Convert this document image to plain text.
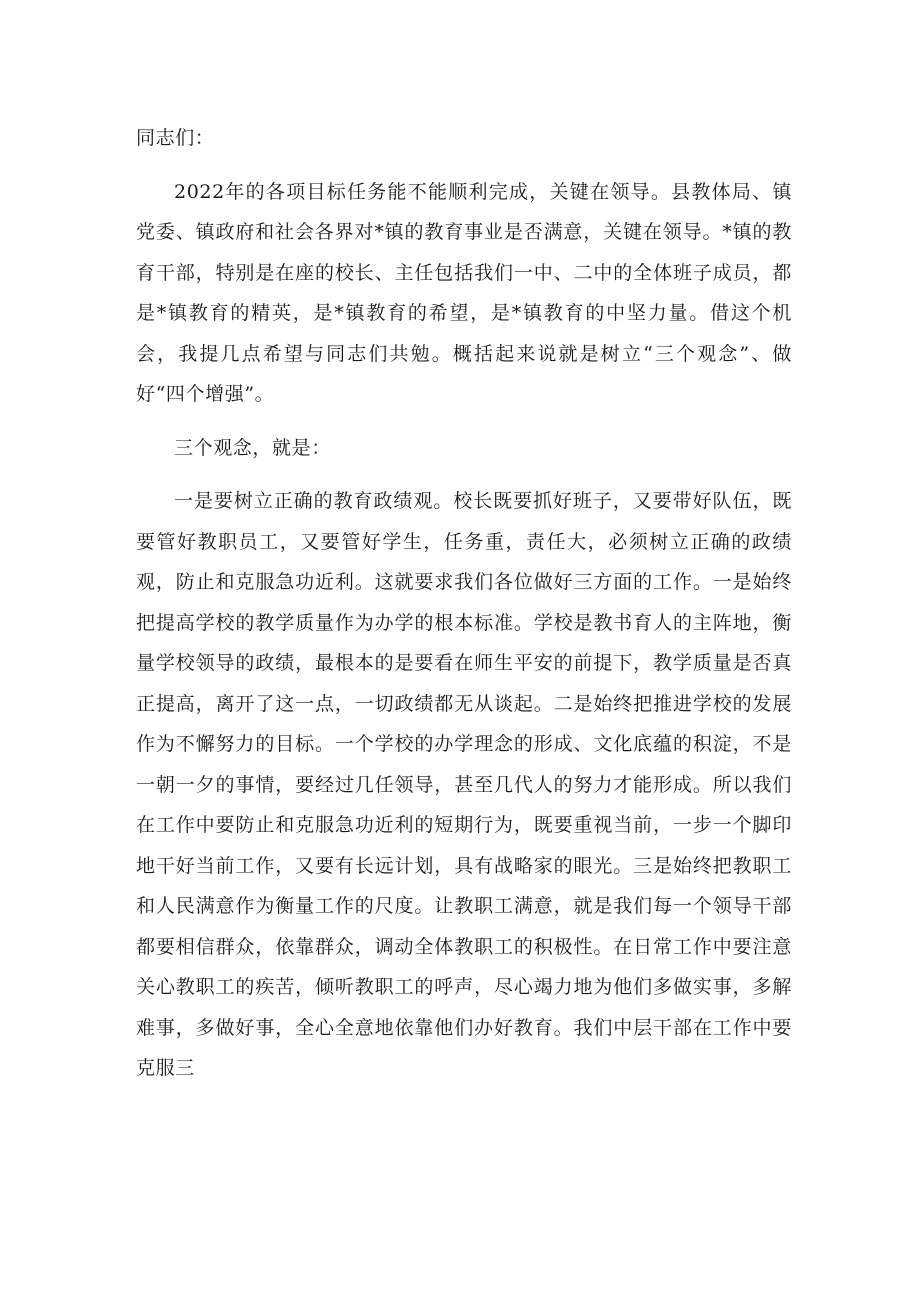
同志们：

2022年的各项目标任务能不能顺利完成，关键在领导。县教体局、镇党委、镇政府和社会各界对*镇的教育事业是否满意，关键在领导。*镇的教育干部，特别是在座的校长、主任包括我们一中、二中的全体班子成员，都是*镇教育的精英，是*镇教育的希望，是*镇教育的中坚力量。借这个机会，我提几点希望与同志们共勉。概括起来说就是树立“三个观念”、做好“四个增强”。

三个观念，就是：

一是要树立正确的教育政绩观。校长既要抓好班子，又要带好队伍，既要管好教职员工，又要管好学生，任务重，责任大，必须树立正确的政绩观，防止和克服急功近利。这就要求我们各位做好三方面的工作。一是始终把提高学校的教学质量作为办学的根本标准。学校是教书育人的主阵地，衡量学校领导的政绩，最根本的是要看在师生平安的前提下，教学质量是否真正提高，离开了这一点，一切政绩都无从谈起。二是始终把推进学校的发展作为不懈努力的目标。一个学校的办学理念的形成、文化底蕴的积淀，不是一朝一夕的事情，要经过几任领导，甚至几代人的努力才能形成。所以我们在工作中要防止和克服急功近利的短期行为，既要重视当前，一步一个脚印地干好当前工作，又要有长远计划，具有战略家的眼光。三是始终把教职工和人民满意作为衡量工作的尺度。让教职工满意，就是我们每一个领导干部都要相信群众，依靠群众，调动全体教职工的积极性。在日常工作中要注意关心教职工的疾苦，倾听教职工的呼声，尽心竭力地为他们多做实事，多解难事，多做好事，全心全意地依靠他们办好教育。我们中层干部在工作中要克服三
